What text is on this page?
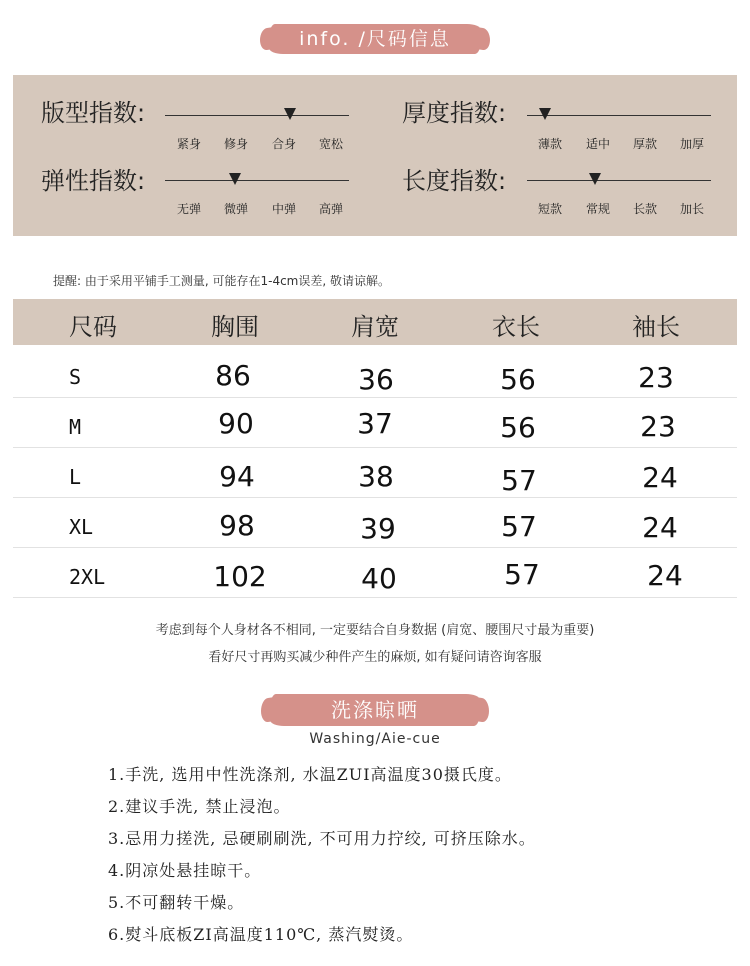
info. /尺码信息
版型指数:
紧身 修身 合身 宽松
厚度指数:
薄款 适中 厚款 加厚
弹性指数:
无弹 微弹 中弹 高弹
长度指数:
短款 常规 长款 加长
提醒: 由于采用平铺手工测量, 可能存在1-4cm误差, 敬请谅解。
尺码	胸围	肩宽	衣长	袖长
S	86	36	56	23
M	90	37	56	23
L	94	38	57	24
XL	98	39	57	24
2XL	102	40	57	24
考虑到每个人身材各不相同, 一定要结合自身数据 (肩宽、腰围尺寸最为重要)
看好尺寸再购买减少种件产生的麻烦, 如有疑问请咨询客服
洗涤晾晒
Washing/Aie-cue
1.手洗, 选用中性洗涤剂, 水温ZUI高温度30摄氏度。
2.建议手洗, 禁止浸泡。
3.忌用力搓洗, 忌硬刷刷洗, 不可用力拧绞, 可挤压除水。
4.阴凉处悬挂晾干。
5.不可翻转干燥。
6.熨斗底板ZI高温度110℃, 蒸汽熨烫。
